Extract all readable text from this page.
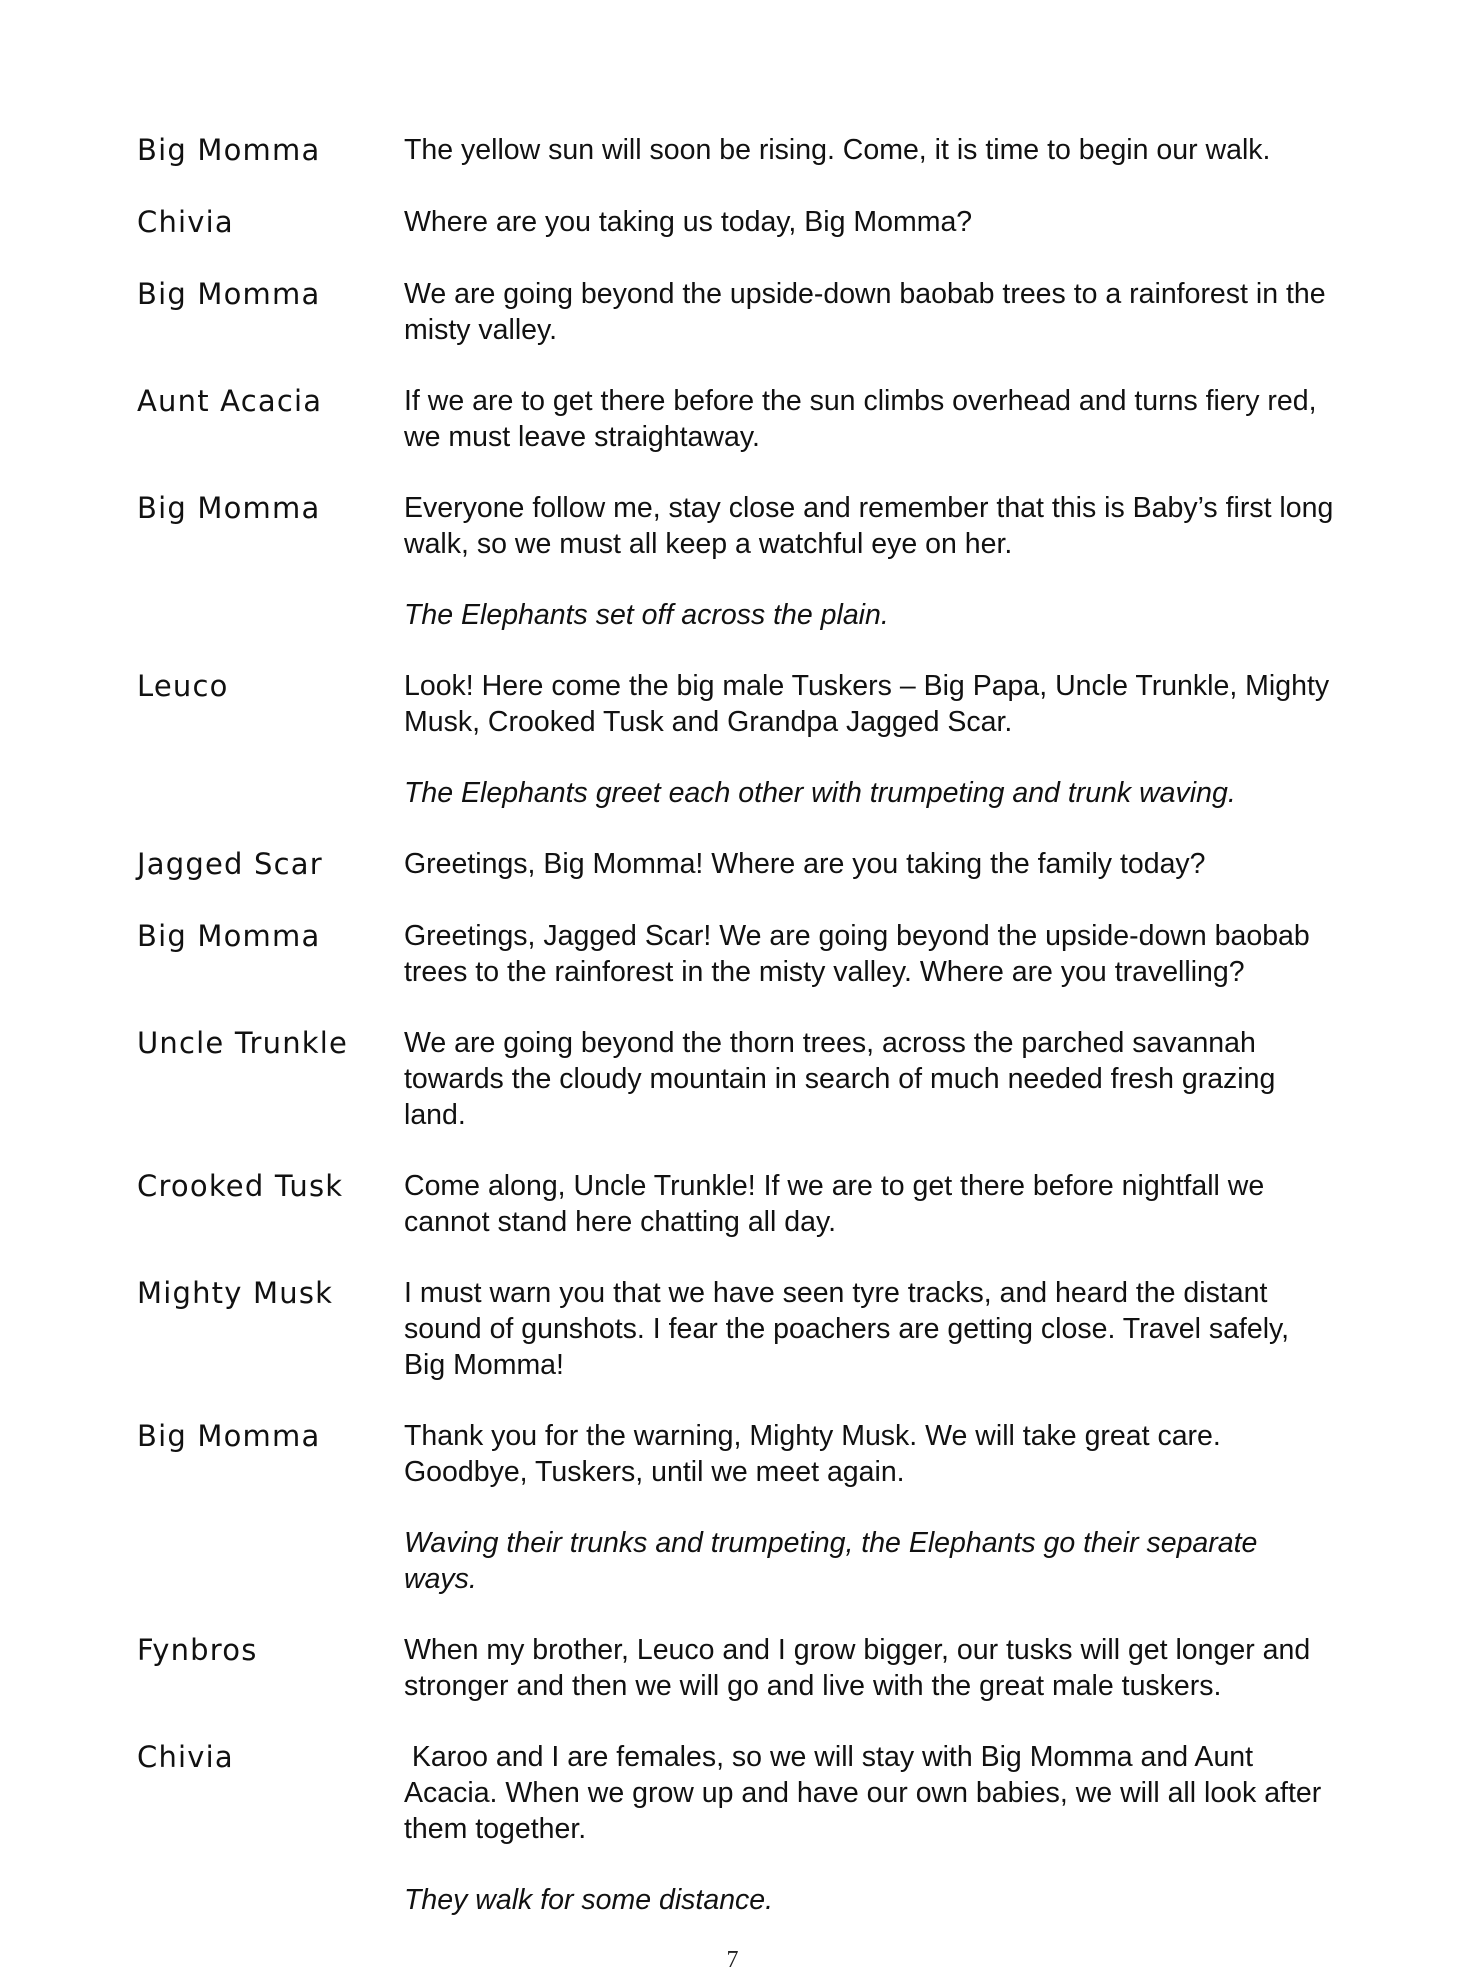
Big Momma	The yellow sun will soon be rising. Come, it is time to begin our walk.
Chivia	Where are you taking us today, Big Momma?
Big Momma	We are going beyond the upside-down baobab trees to a rainforest in the misty valley.
Aunt Acacia	If we are to get there before the sun climbs overhead and turns fiery red, we must leave straightaway.
Big Momma	Everyone follow me, stay close and remember that this is Baby’s first long walk, so we must all keep a watchful eye on her.
The Elephants set off across the plain.
Leuco	Look! Here come the big male Tuskers – Big Papa, Uncle Trunkle, Mighty Musk, Crooked Tusk and Grandpa Jagged Scar.
The Elephants greet each other with trumpeting and trunk waving.
Jagged Scar	Greetings, Big Momma! Where are you taking the family today?
Big Momma	Greetings, Jagged Scar! We are going beyond the upside-down baobab trees to the rainforest in the misty valley. Where are you travelling?
Uncle Trunkle	We are going beyond the thorn trees, across the parched savannah towards the cloudy mountain in search of much needed fresh grazing land.
Crooked Tusk	Come along, Uncle Trunkle! If we are to get there before nightfall we cannot stand here chatting all day.
Mighty Musk	I must warn you that we have seen tyre tracks, and heard the distant sound of gunshots. I fear the poachers are getting close. Travel safely, Big Momma!
Big Momma	Thank you for the warning, Mighty Musk. We will take great care. Goodbye, Tuskers, until we meet again.
Waving their trunks and trumpeting, the Elephants go their separate ways.
Fynbros	When my brother, Leuco and I grow bigger, our tusks will get longer and stronger and then we will go and live with the great male tuskers.
Chivia	Karoo and I are females, so we will stay with Big Momma and Aunt Acacia. When we grow up and have our own babies, we will all look after them together.
They walk for some distance.
7
